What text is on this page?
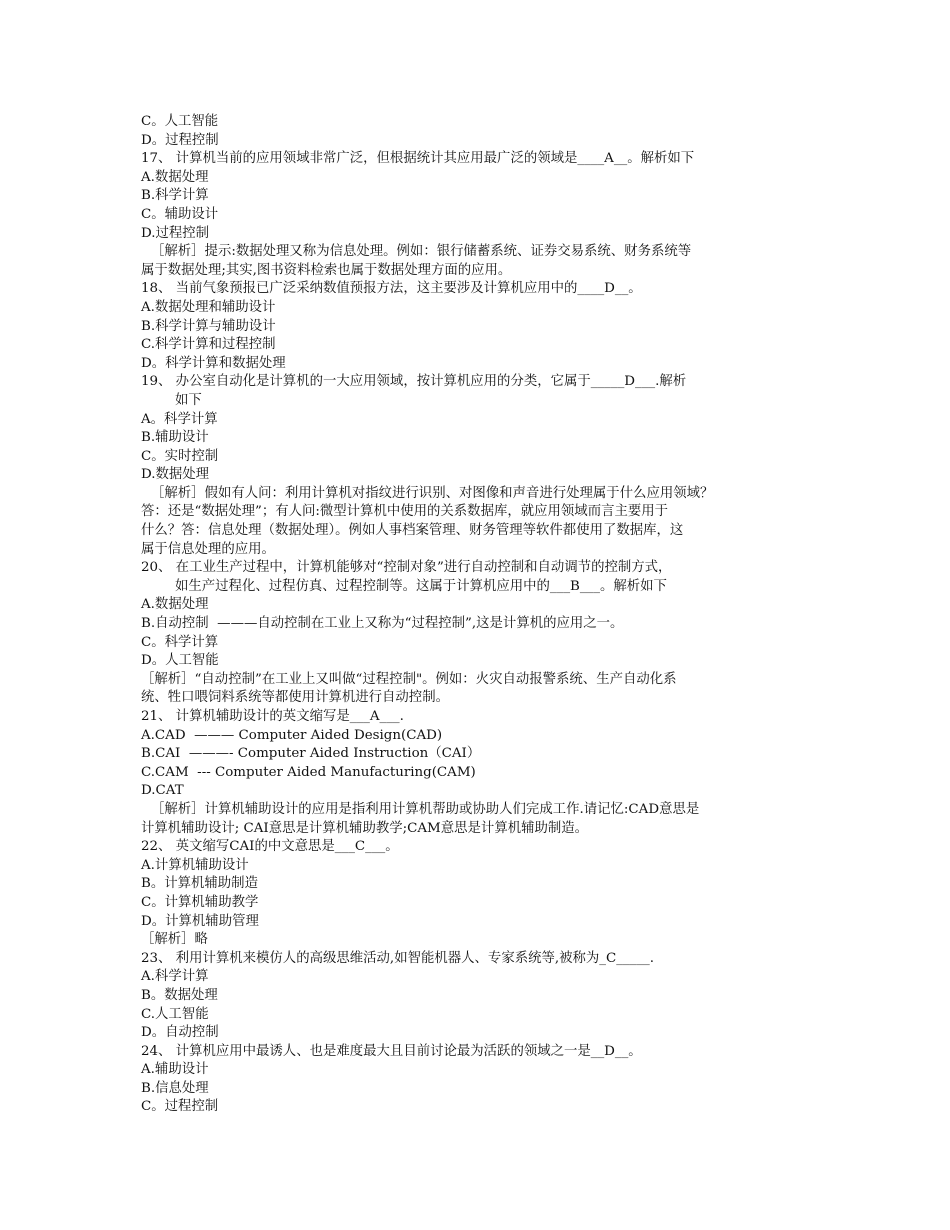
C。人工智能
D。过程控制
17、 计算机当前的应用领域非常广泛，但根据统计其应用最广泛的领域是____A__。解析如下
A.数据处理
B.科学计算
C。辅助设计
D.过程控制
［解析］提示:数据处理又称为信息处理。例如：银行储蓄系统、证券交易系统、财务系统等
属于数据处理;其实,图书资料检索也属于数据处理方面的应用。
18、 当前气象预报已广泛采纳数值预报方法，这主要涉及计算机应用中的____D__。
A.数据处理和辅助设计
B.科学计算与辅助设计
C.科学计算和过程控制
D。科学计算和数据处理
19、 办公室自动化是计算机的一大应用领域，按计算机应用的分类，它属于_____D___.解析
如下
A。科学计算
B.辅助设计
C。实时控制
D.数据处理
［解析］假如有人问：利用计算机对指纹进行识别、对图像和声音进行处理属于什么应用领域？
答：还是“数据处理”；有人问:微型计算机中使用的关系数据库，就应用领域而言主要用于
什么？答：信息处理（数据处理）。例如人事档案管理、财务管理等软件都使用了数据库，这
属于信息处理的应用。
20、 在工业生产过程中，计算机能够对“控制对象”进行自动控制和自动调节的控制方式，
如生产过程化、过程仿真、过程控制等。这属于计算机应用中的___B___。解析如下
A.数据处理
B.自动控制  ———自动控制在工业上又称为“过程控制”,这是计算机的应用之一。
C。科学计算
D。人工智能
［解析］“自动控制”在工业上又叫做“过程控制"。例如：火灾自动报警系统、生产自动化系
统、牲口喂饲料系统等都使用计算机进行自动控制。
21、 计算机辅助设计的英文缩写是___A___.
A.CAD  ——— Computer Aided Design(CAD)
B.CAI  ———- Computer Aided Instruction（CAI）
C.CAM  --- Computer Aided Manufacturing(CAM)
D.CAT
［解析］计算机辅助设计的应用是指利用计算机帮助或协助人们完成工作.请记忆:CAD意思是
计算机辅助设计; CAI意思是计算机辅助教学;CAM意思是计算机辅助制造。
22、 英文缩写CAI的中文意思是___C___。
A.计算机辅助设计
B。计算机辅助制造
C。计算机辅助教学
D。计算机辅助管理
［解析］略
23、 利用计算机来模仿人的高级思维活动,如智能机器人、专家系统等,被称为_C_____.
A.科学计算
B。数据处理
C.人工智能
D。自动控制
24、 计算机应用中最诱人、也是难度最大且目前讨论最为活跃的领域之一是__D__。
A.辅助设计
B.信息处理
C。过程控制
